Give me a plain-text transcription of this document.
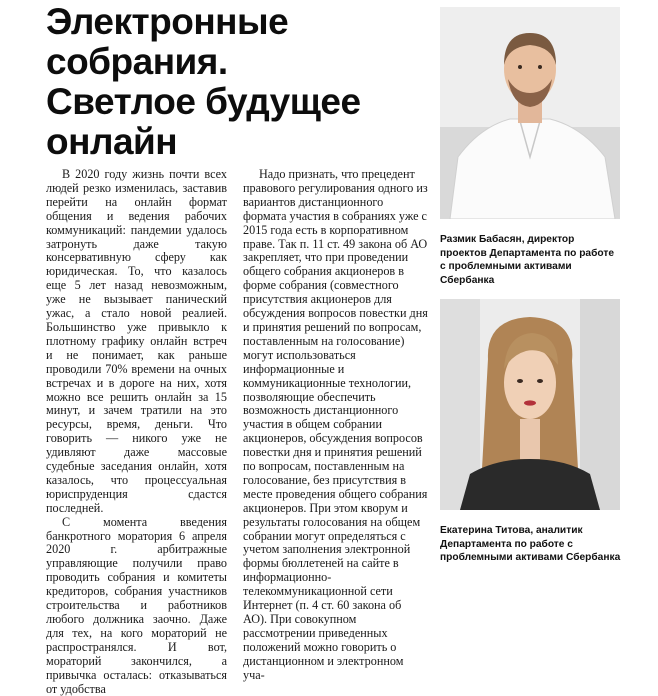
Электронные собрания.
Светлое будущее
онлайн

В 2020 году жизнь почти всех людей резко изменилась, заставив перейти на онлайн формат общения и ведения рабочих коммуникаций: пандемии удалось затронуть даже такую консервативную сферу как юридическая. То, что казалось еще 5 лет назад невозможным, уже не вызывает панический ужас, а стало новой реалией. Большинство уже привыкло к плотному графику онлайн встреч и не понимает, как раньше проводили 70% времени на очных встречах и в дороге на них, хотя можно все решить онлайн за 15 минут, и зачем тратили на это ресурсы, время, деньги. Что говорить — никого уже не удивляют даже массовые судебные заседания онлайн, хотя казалось, что процессуальная юриспруденция сдастся последней.

С момента введения банкротного моратория 6 апреля 2020 г. арбитражные управляющие получили право проводить собрания и комитеты кредиторов, собрания участников строительства и работников любого должника заочно. Даже для тех, на кого мораторий не распространялся. И вот, мораторий закончился, а привычка осталась: отказываться от удобства

Надо признать, что прецедент правового регулирования одного из вариантов дистанционного формата участия в собраниях уже с 2015 года есть в корпоративном праве. Так п. 11 ст. 49 закона об АО закрепляет, что при проведении общего собрания акционеров в форме собрания (совместного присутствия акционеров для обсуждения вопросов повестки дня и принятия решений по вопросам, поставленным на голосование) могут использоваться информационные и коммуникационные технологии, позволяющие обеспечить возможность дистанционного участия в общем собрании акционеров, обсуждения вопросов повестки дня и принятия решений по вопросам, поставленным на голосование, без присутствия в месте проведения общего собрания акционеров. При этом кворум и результаты голосования на общем собрании могут определяться с учетом заполнения электронной формы бюллетеней на сайте в информационно-телекоммуникационной сети Интернет (п. 4 ст. 60 закона об АО). При совокупном рассмотрении приведенных положений можно говорить о дистанционном и электронном уча-

Размик Бабасян, директор
проектов Департамента по работе
с проблемными активами
Сбербанка
Екатерина Титова, аналитик
Департамента по работе с
проблемными активами Сбербанка
